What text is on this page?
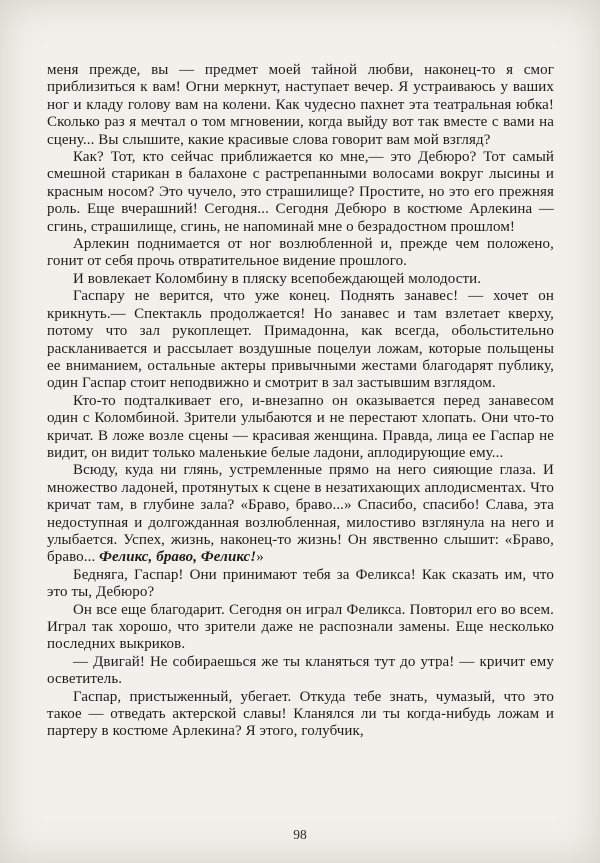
меня прежде, вы — предмет моей тайной любви, наконец-то я смог приблизиться к вам! Огни меркнут, наступает вечер. Я устраиваюсь у ваших ног и кладу голову вам на колени. Как чудесно пахнет эта театральная юбка! Сколько раз я мечтал о том мгновении, когда выйду вот так вместе с вами на сцену... Вы слышите, какие красивые слова говорит вам мой взгляд?

Как? Тот, кто сейчас приближается ко мне,— это Дебюро? Тот самый смешной старикан в балахоне с растрепанными волосами вокруг лысины и красным носом? Это чучело, это страшилище? Простите, но это его прежняя роль. Еще вчерашний! Сегодня... Сегодня Дебюро в костюме Арлекина — сгинь, страшилище, сгинь, не напоминай мне о безрадостном прошлом!

Арлекин поднимается от ног возлюбленной и, прежде чем положено, гонит от себя прочь отвратительное видение прошлого.

И вовлекает Коломбину в пляску всепобеждающей молодости.

Гаспару не верится, что уже конец. Поднять занавес! — хочет он крикнуть.— Спектакль продолжается! Но занавес и там взлетает кверху, потому что зал рукоплещет. Примадонна, как всегда, обольстительно раскланивается и рассылает воздушные поцелуи ложам, которые польщены ее вниманием, остальные актеры привычными жестами благодарят публику, один Гаспар стоит неподвижно и смотрит в зал застывшим взглядом.

Кто-то подталкивает его, и-внезапно он оказывается перед занавесом один с Коломбиной. Зрители улыбаются и не перестают хлопать. Они что-то кричат. В ложе возле сцены — красивая женщина. Правда, лица ее Гаспар не видит, он видит только маленькие белые ладони, аплодирующие ему...

Всюду, куда ни глянь, устремленные прямо на него сияющие глаза. И множество ладоней, протянутых к сцене в незатихающих аплодисментах. Что кричат там, в глубине зала? «Браво, браво...» Спасибо, спасибо! Слава, эта недоступная и долгожданная возлюбленная, милостиво взглянула на него и улыбается. Успех, жизнь, наконец-то жизнь! Он явственно слышит: «Браво, браво... Феликс, браво, Феликс!»

Бедняга, Гаспар! Они принимают тебя за Феликса! Как сказать им, что это ты, Дебюро?

Он все еще благодарит. Сегодня он играл Феликса. Повторил его во всем. Играл так хорошо, что зрители даже не распознали замены. Еще несколько последних выкриков.

— Двигай! Не собираешься же ты кланяться тут до утра! — кричит ему осветитель.

Гаспар, пристыженный, убегает. Откуда тебе знать, чумазый, что это такое — отведать актерской славы! Кланялся ли ты когда-нибудь ложам и партеру в костюме Арлекина? Я этого, голубчик,

98
